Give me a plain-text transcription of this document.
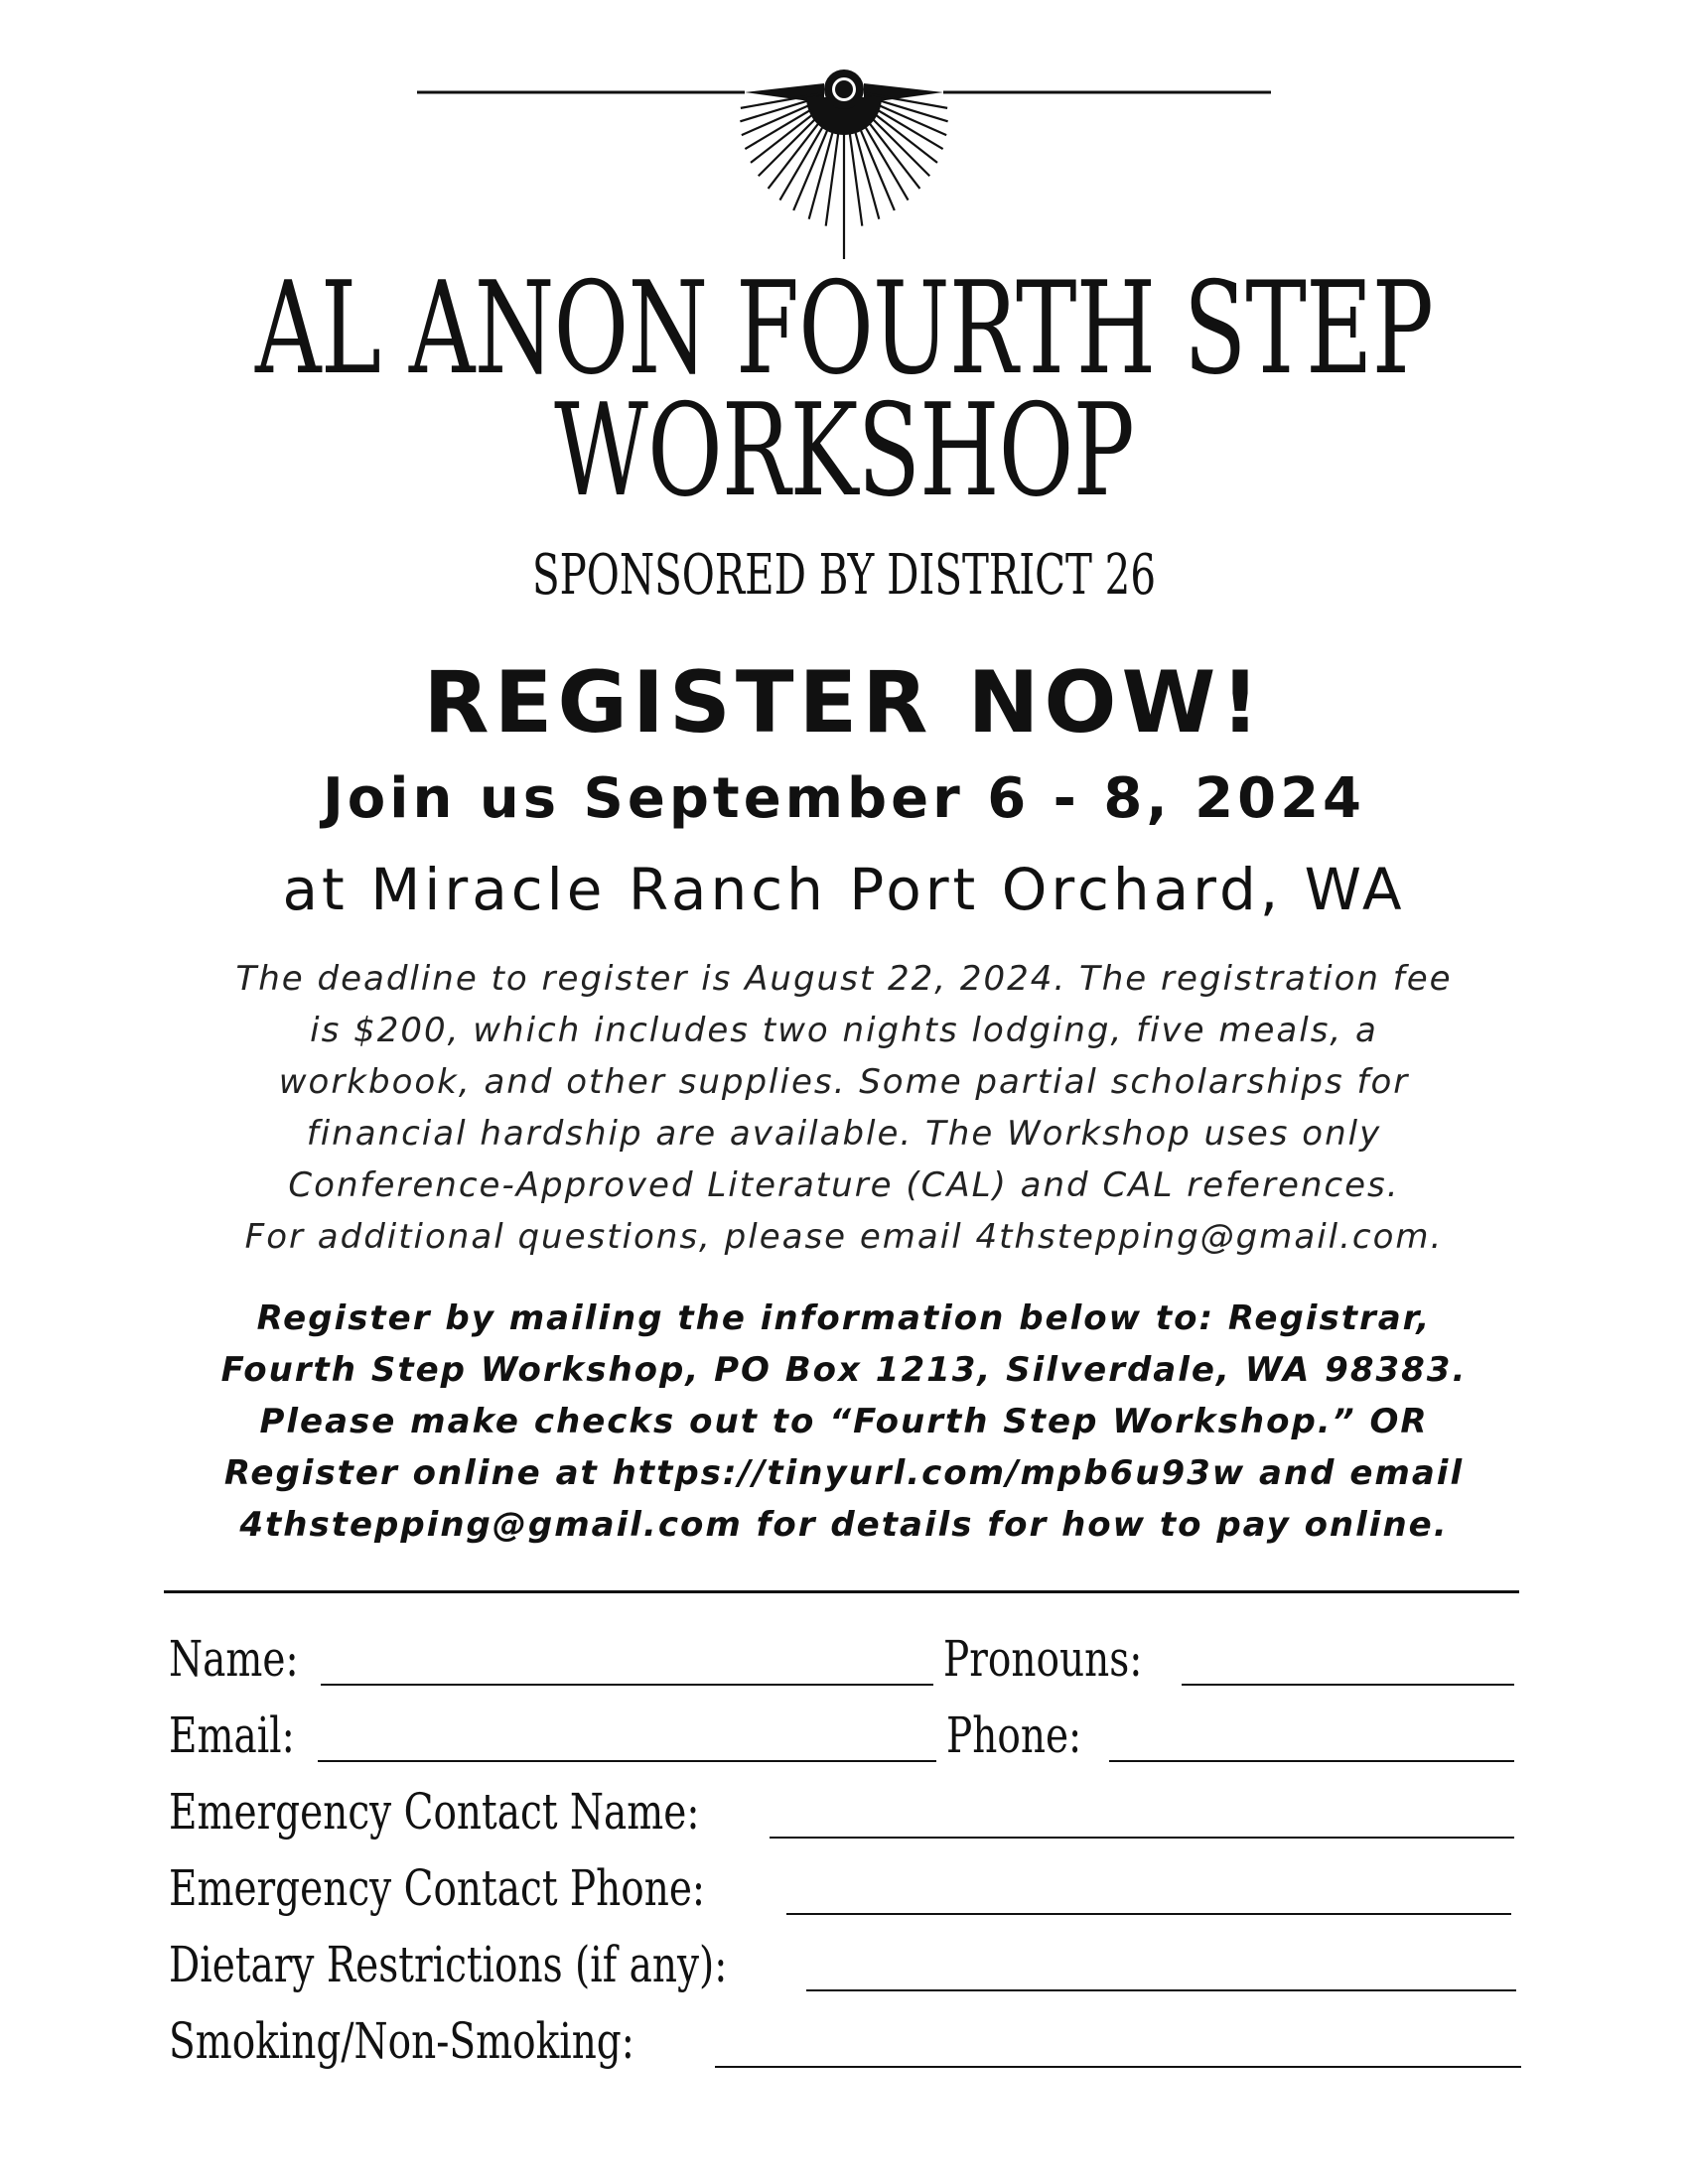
AL ANON FOURTH STEP
WORKSHOP
SPONSORED BY DISTRICT 26
REGISTER NOW!
Join us September 6 - 8, 2024
at Miracle Ranch Port Orchard, WA

The deadline to register is August 22, 2024. The registration fee
is $200, which includes two nights lodging, five meals, a
workbook, and other supplies. Some partial scholarships for
financial hardship are available. The Workshop uses only
Conference-Approved Literature (CAL) and CAL references.
For additional questions, please email 4thstepping@gmail.com.

Register by mailing the information below to: Registrar,
Fourth Step Workshop, PO Box 1213, Silverdale, WA 98383.
Please make checks out to “Fourth Step Workshop.” OR
Register online at https://tinyurl.com/mpb6u93w and email
4thstepping@gmail.com for details for how to pay online.

Name:	Pronouns:
Email:	Phone:
Emergency Contact Name:
Emergency Contact Phone:
Dietary Restrictions (if any):
Smoking/Non-Smoking:
